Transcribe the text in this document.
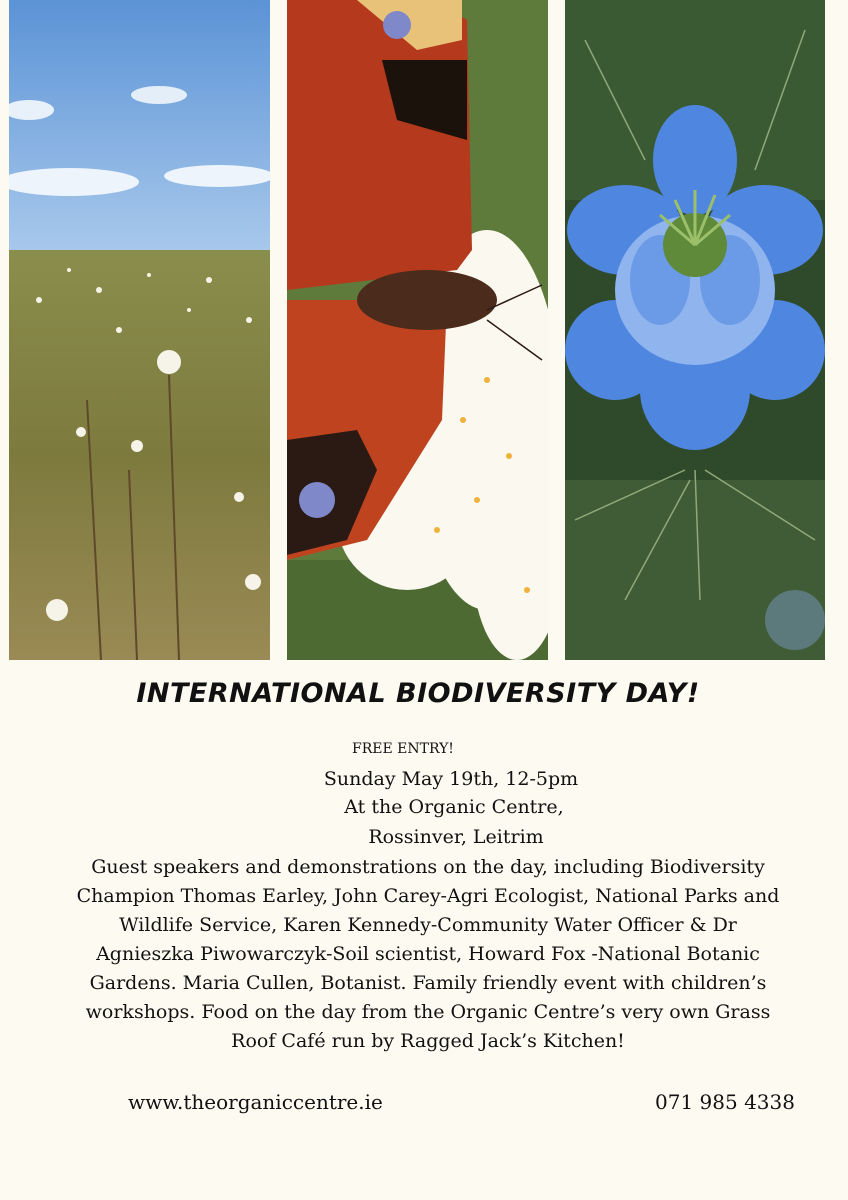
INTERNATIONAL BIODIVERSITY DAY!
FREE ENTRY!
Sunday May 19th, 12-5pm
At the Organic Centre,
Rossinver, Leitrim
Guest speakers and demonstrations on the day, including Biodiversity Champion Thomas Earley, John Carey-Agri Ecologist, National Parks and Wildlife Service, Karen Kennedy-Community Water Officer & Dr Agnieszka Piwowarczyk-Soil scientist, Howard Fox -National Botanic Gardens. Maria Cullen, Botanist. Family friendly event with children’s workshops. Food on the day from the Organic Centre’s very own Grass Roof Café run by Ragged Jack’s Kitchen!
www.theorganiccentre.ie	071 985 4338
